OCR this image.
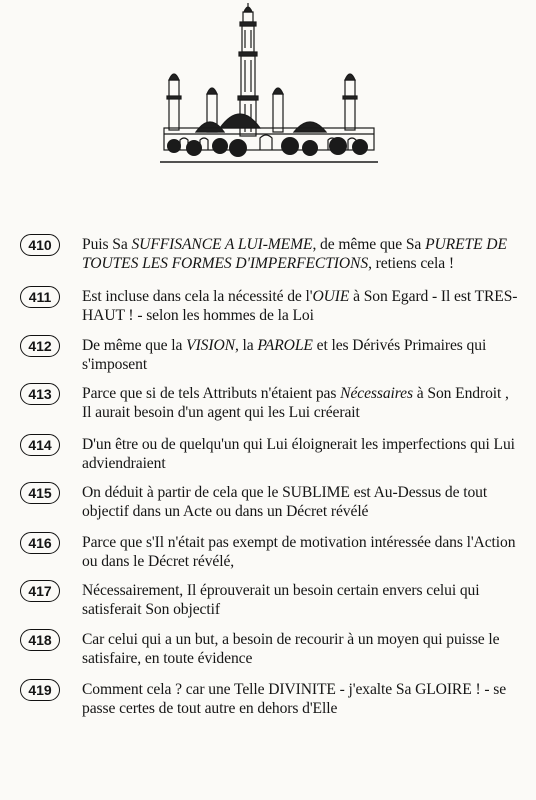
410	Puis Sa SUFFISANCE A LUI-MEME, de même que Sa PURETE DE TOUTES LES FORMES D'IMPERFECTIONS, retiens cela !
411	Est incluse dans cela la nécessité de l'OUIE à Son Egard - Il est TRES-HAUT ! - selon les hommes de la Loi
412	De même que la VISION, la PAROLE et les Dérivés Primaires qui s'imposent
413	Parce que si de tels Attributs n'étaient pas Nécessaires à Son Endroit , Il aurait besoin d'un agent qui les Lui créerait
414	D'un être ou de quelqu'un qui Lui éloignerait les imperfections qui Lui adviendraient
415	On déduit à partir de cela que le SUBLIME est Au-Dessus de tout objectif dans un Acte ou dans un Décret révélé
416	Parce que s'Il n'était pas exempt de motivation intéressée dans l'Action ou dans le Décret révélé,
417	Nécessairement, Il éprouverait un besoin certain envers celui qui satisferait Son objectif
418	Car celui qui a un but, a besoin de recourir à un moyen qui puisse le satisfaire, en toute évidence
419	Comment cela ? car une Telle DIVINITE - j'exalte Sa GLOIRE ! - se passe certes de tout autre en dehors d'Elle
